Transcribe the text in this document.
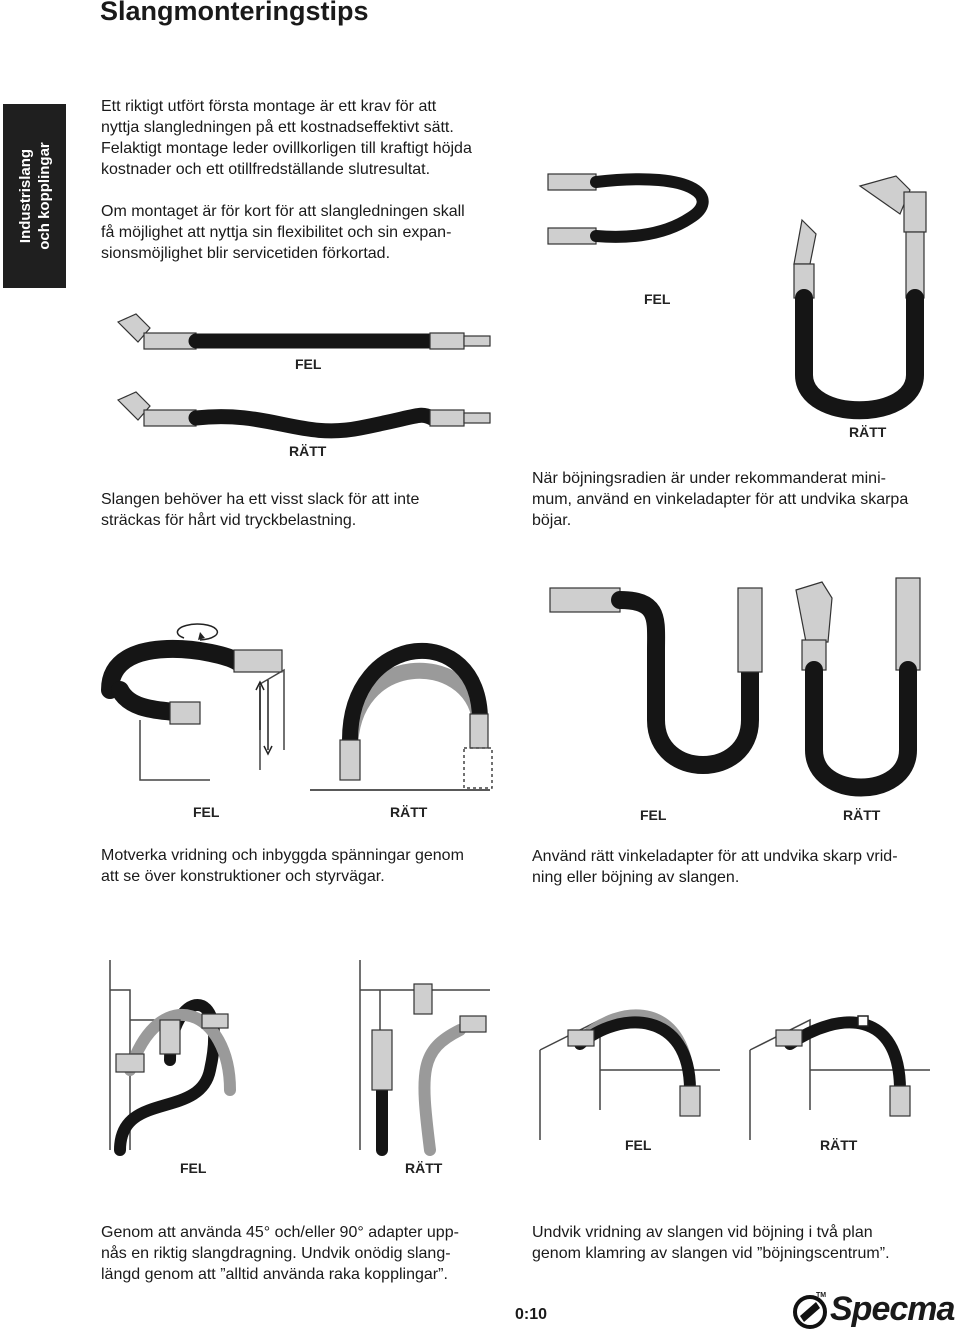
Slangmonteringstips
Industrislang och kopplingar

Ett riktigt utfört första montage är ett krav för att

nyttja slangledningen på ett kostnadseffektivt sätt.

Felaktigt montage leder ovillkorligen till kraftigt höjda

kostnader och ett otillfredställande slutresultat.

Om montaget är för kort för att slangledningen skall

få möjlighet att nyttja sin flexibilitet och sin expan-

sionsmöjlighet blir servicetiden förkortad.

FEL
RÄTT
FEL
RÄTT

Slangen behöver ha ett visst slack för att inte

sträckas för hårt vid tryckbelastning.

När böjningsradien är under rekommanderat mini-

mum, använd en vinkeladapter för att undvika skarpa

böjar.

FEL	RÄTT	FEL	RÄTT

Motverka vridning och inbyggda spänningar genom

att se över konstruktioner och styrvägar.

Använd rätt vinkeladapter för att undvika skarp vrid-

ning eller böjning av slangen.

FEL	RÄTT
FEL	RÄTT

Genom att använda 45° och/eller 90° adapter upp-

nås en riktig slangdragning. Undvik onödig slang-

längd genom att ”alltid använda raka kopplingar”.

Undvik vridning av slangen vid böjning i två plan

genom klamring av slangen vid ”böjningscentrum”.

0:10	Specma
TM
